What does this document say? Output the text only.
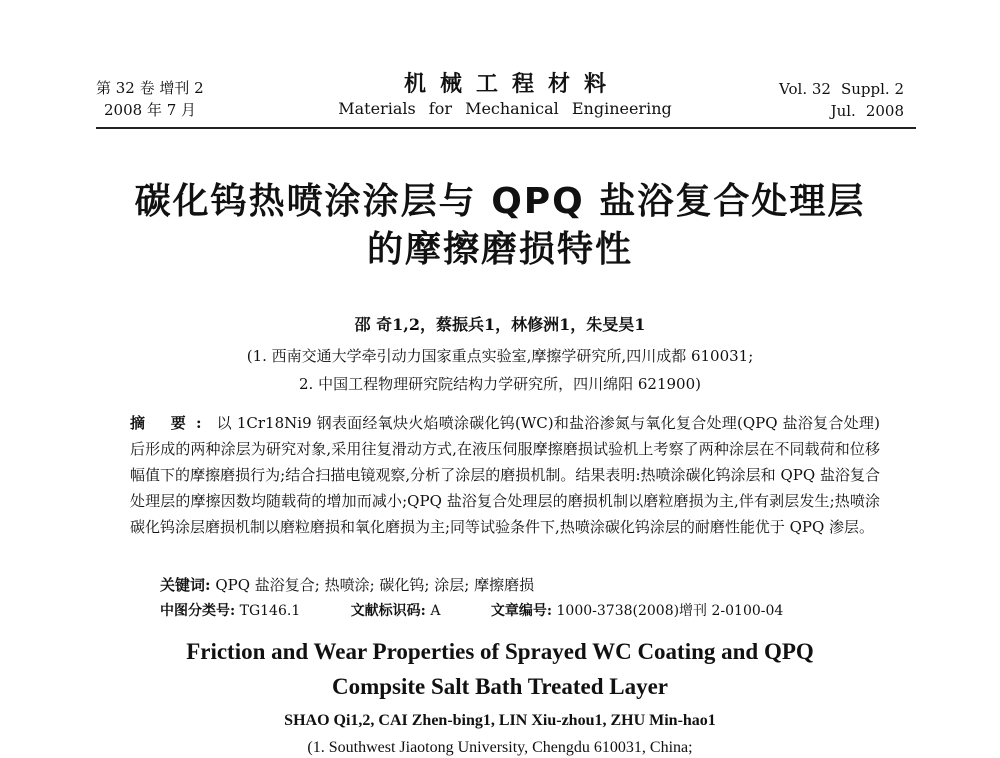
第 32 卷 增刊 2
2008 年 7 月
机械工程材料
Materials for Mechanical Engineering
Vol. 32 Suppl. 2
Jul. 2008
碳化钨热喷涂涂层与 QPQ 盐浴复合处理层
的摩擦磨损特性
邵 奇1,2，蔡振兵1，林修洲1，朱旻昊1
(1. 西南交通大学牵引动力国家重点实验室,摩擦学研究所,四川成都 610031;
2. 中国工程物理研究院结构力学研究所，四川绵阳 621900)
摘 要: 以 1Cr18Ni9 钢表面经氧炔火焰喷涂碳化钨(WC)和盐浴渗氮与氧化复合处理(QPQ 盐浴复合处理)后形成的两种涂层为研究对象,采用往复滑动方式,在液压伺服摩擦磨损试验机上考察了两种涂层在不同载荷和位移幅值下的摩擦磨损行为;结合扫描电镜观察,分析了涂层的磨损机制。结果表明:热喷涂碳化钨涂层和 QPQ 盐浴复合处理层的摩擦因数均随载荷的增加而减小;QPQ 盐浴复合处理层的磨损机制以磨粒磨损为主,伴有剥层发生;热喷涂碳化钨涂层磨损机制以磨粒磨损和氧化磨损为主;同等试验条件下,热喷涂碳化钨涂层的耐磨性能优于 QPQ 渗层。
关键词: QPQ 盐浴复合; 热喷涂; 碳化钨; 涂层; 摩擦磨损
中图分类号: TG146.1	文献标识码: A	文章编号: 1000-3738(2008)增刊 2-0100-04
Friction and Wear Properties of Sprayed WC Coating and QPQ
Compsite Salt Bath Treated Layer
SHAO Qi1,2, CAI Zhen-bing1, LIN Xiu-zhou1, ZHU Min-hao1
(1. Southwest Jiaotong University, Chengdu 610031, China;
